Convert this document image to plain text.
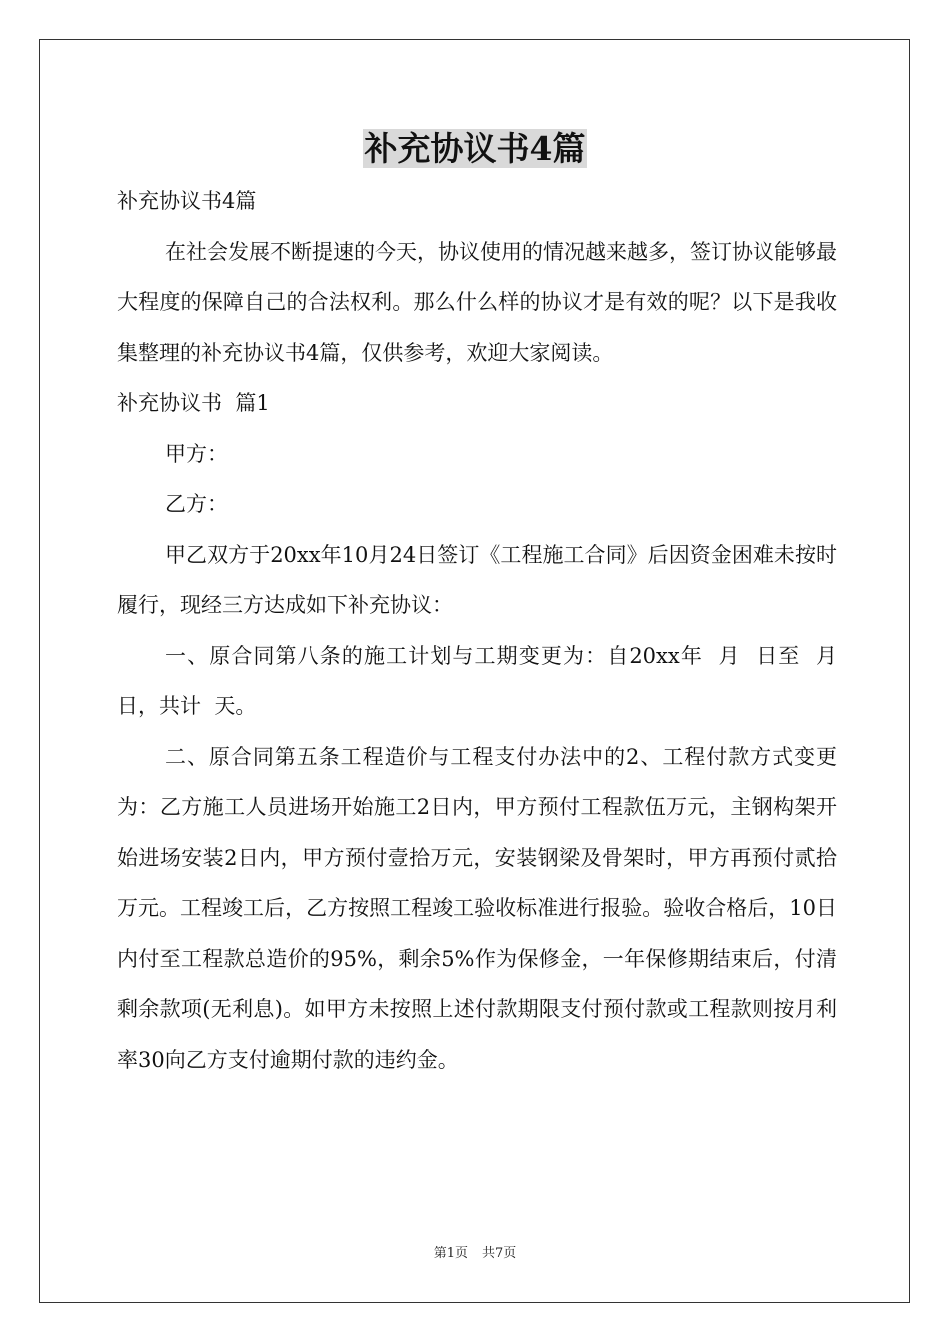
补充协议书4篇

补充协议书4篇

在社会发展不断提速的今天，协议使用的情况越来越多，签订协议能够最大程度的保障自己的合法权利。那么什么样的协议才是有效的呢？以下是我收集整理的补充协议书4篇，仅供参考，欢迎大家阅读。

补充协议书  篇1

甲方：

乙方：

甲乙双方于20xx年10月24日签订《工程施工合同》后因资金困难未按时履行，现经三方达成如下补充协议：

一、原合同第八条的施工计划与工期变更为：自20xx年  月  日至  月  日，共计  天。

二、原合同第五条工程造价与工程支付办法中的2、工程付款方式变更为：乙方施工人员进场开始施工2日内，甲方预付工程款伍万元，主钢构架开始进场安装2日内，甲方预付壹拾万元，安装钢梁及骨架时，甲方再预付贰拾万元。工程竣工后，乙方按照工程竣工验收标准进行报验。验收合格后，10日内付至工程款总造价的95%，剩余5%作为保修金，一年保修期结束后，付清剩余款项(无利息)。如甲方未按照上述付款期限支付预付款或工程款则按月利率30向乙方支付逾期付款的违约金。

第1页 共7页
